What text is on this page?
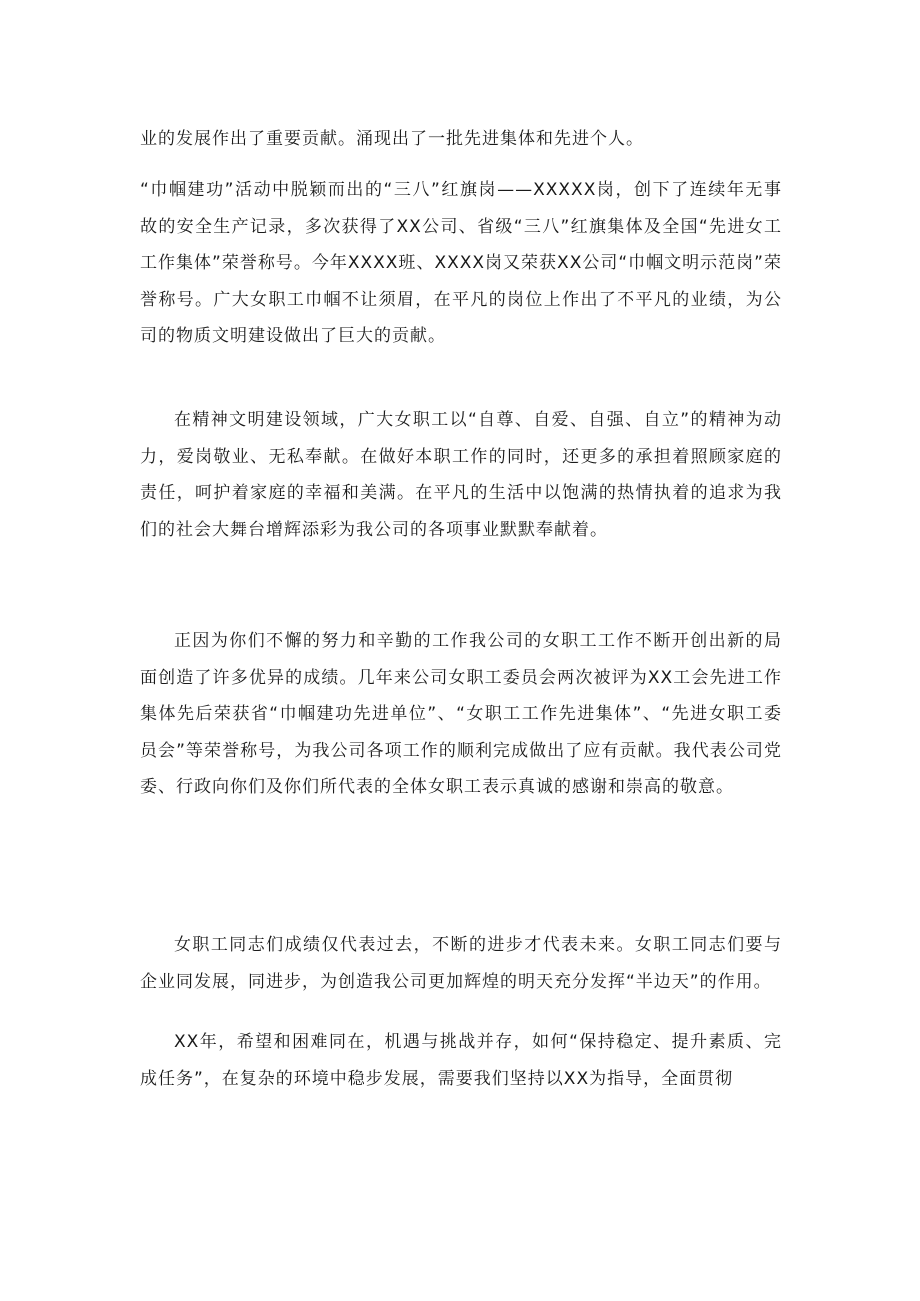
业的发展作出了重要贡献。涌现出了一批先进集体和先进个人。

“巾帼建功”活动中脱颖而出的“三八”红旗岗——XXXXX岗，创下了连续年无事故的安全生产记录，多次获得了XX公司、省级“三八”红旗集体及全国“先进女工工作集体”荣誉称号。今年XXXX班、XXXX岗又荣获XX公司“巾帼文明示范岗”荣誉称号。广大女职工巾帼不让须眉，在平凡的岗位上作出了不平凡的业绩，为公司的物质文明建设做出了巨大的贡献。

在精神文明建设领域，广大女职工以“自尊、自爱、自强、自立”的精神为动力，爱岗敬业、无私奉献。在做好本职工作的同时，还更多的承担着照顾家庭的责任，呵护着家庭的幸福和美满。在平凡的生活中以饱满的热情执着的追求为我们的社会大舞台增辉添彩为我公司的各项事业默默奉献着。

正因为你们不懈的努力和辛勤的工作我公司的女职工工作不断开创出新的局面创造了许多优异的成绩。几年来公司女职工委员会两次被评为XX工会先进工作集体先后荣获省“巾帼建功先进单位”、“女职工工作先进集体”、“先进女职工委员会”等荣誉称号，为我公司各项工作的顺利完成做出了应有贡献。我代表公司党委、行政向你们及你们所代表的全体女职工表示真诚的感谢和崇高的敬意。

女职工同志们成绩仅代表过去，不断的进步才代表未来。女职工同志们要与企业同发展，同进步，为创造我公司更加辉煌的明天充分发挥“半边天”的作用。

XX年，希望和困难同在，机遇与挑战并存，如何“保持稳定、提升素质、完成任务”，在复杂的环境中稳步发展，需要我们坚持以XX为指导，全面贯彻
